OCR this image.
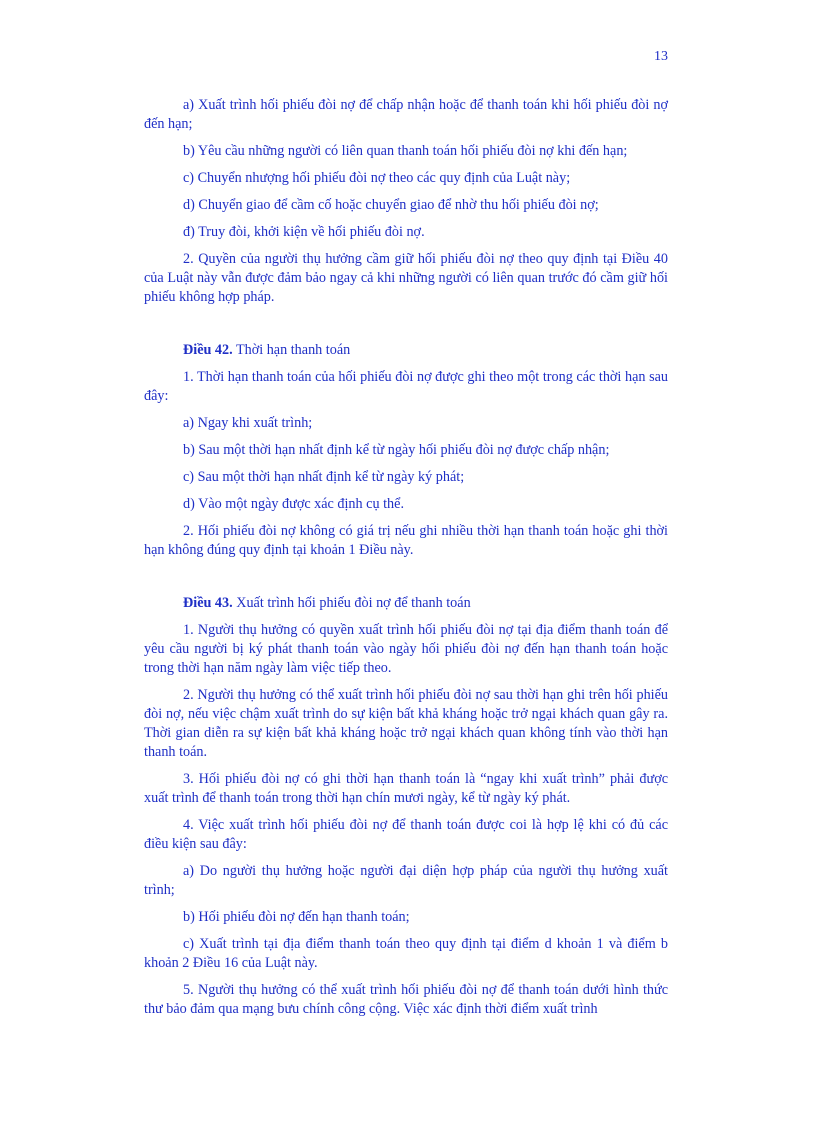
13

a) Xuất trình hối phiếu đòi nợ để chấp nhận hoặc để thanh toán khi hối phiếu đòi nợ đến hạn;

b) Yêu cầu những người có liên quan thanh toán hối phiếu đòi nợ khi đến hạn;

c) Chuyển nhượng hối phiếu đòi nợ theo các quy định của Luật này;

d) Chuyển giao để cầm cố hoặc chuyển giao để nhờ thu hối phiếu đòi nợ;

đ) Truy đòi, khởi kiện về hối phiếu đòi nợ.

2. Quyền của người thụ hưởng cầm giữ hối phiếu đòi nợ theo quy định tại Điều 40 của Luật này vẫn được đảm bảo ngay cả khi những người có liên quan trước đó cầm giữ hối phiếu không hợp pháp.

Điều 42. Thời hạn thanh toán

1. Thời hạn thanh toán của hối phiếu đòi nợ được ghi theo một trong các thời hạn sau đây:

a) Ngay khi xuất trình;

b) Sau một thời hạn nhất định kể từ ngày hối phiếu đòi nợ được chấp nhận;

c) Sau một thời hạn nhất định kể từ ngày ký phát;

d) Vào một ngày được xác định cụ thể.

2. Hối phiếu đòi nợ không có giá trị nếu ghi nhiều thời hạn thanh toán hoặc ghi thời hạn không đúng quy định tại khoản 1 Điều này.

Điều 43. Xuất trình hối phiếu đòi nợ để thanh toán

1. Người thụ hưởng có quyền xuất trình hối phiếu đòi nợ tại địa điểm thanh toán để yêu cầu người bị ký phát thanh toán vào ngày hối phiếu đòi nợ đến hạn thanh toán hoặc trong thời hạn năm ngày làm việc tiếp theo.

2. Người thụ hưởng có thể xuất trình hối phiếu đòi nợ sau thời hạn ghi trên hối phiếu đòi nợ, nếu việc chậm xuất trình do sự kiện bất khả kháng hoặc trở ngại khách quan gây ra. Thời gian diễn ra sự kiện bất khả kháng hoặc trở ngại khách quan không tính vào thời hạn thanh toán.

3. Hối phiếu đòi nợ có ghi thời hạn thanh toán là “ngay khi xuất trình” phải được xuất trình để thanh toán trong thời hạn chín mươi ngày, kể từ ngày ký phát.

4. Việc xuất trình hối phiếu đòi nợ để thanh toán được coi là hợp lệ khi có đủ các điều kiện sau đây:

a) Do người thụ hưởng hoặc người đại diện hợp pháp của người thụ hưởng xuất trình;

b) Hối phiếu đòi nợ đến hạn thanh toán;

c) Xuất trình tại địa điểm thanh toán theo quy định tại điểm d khoản 1 và điểm b khoản 2 Điều 16 của Luật này.

5. Người thụ hưởng có thể xuất trình hối phiếu đòi nợ để thanh toán dưới hình thức thư bảo đảm qua mạng bưu chính công cộng. Việc xác định thời điểm xuất trình
